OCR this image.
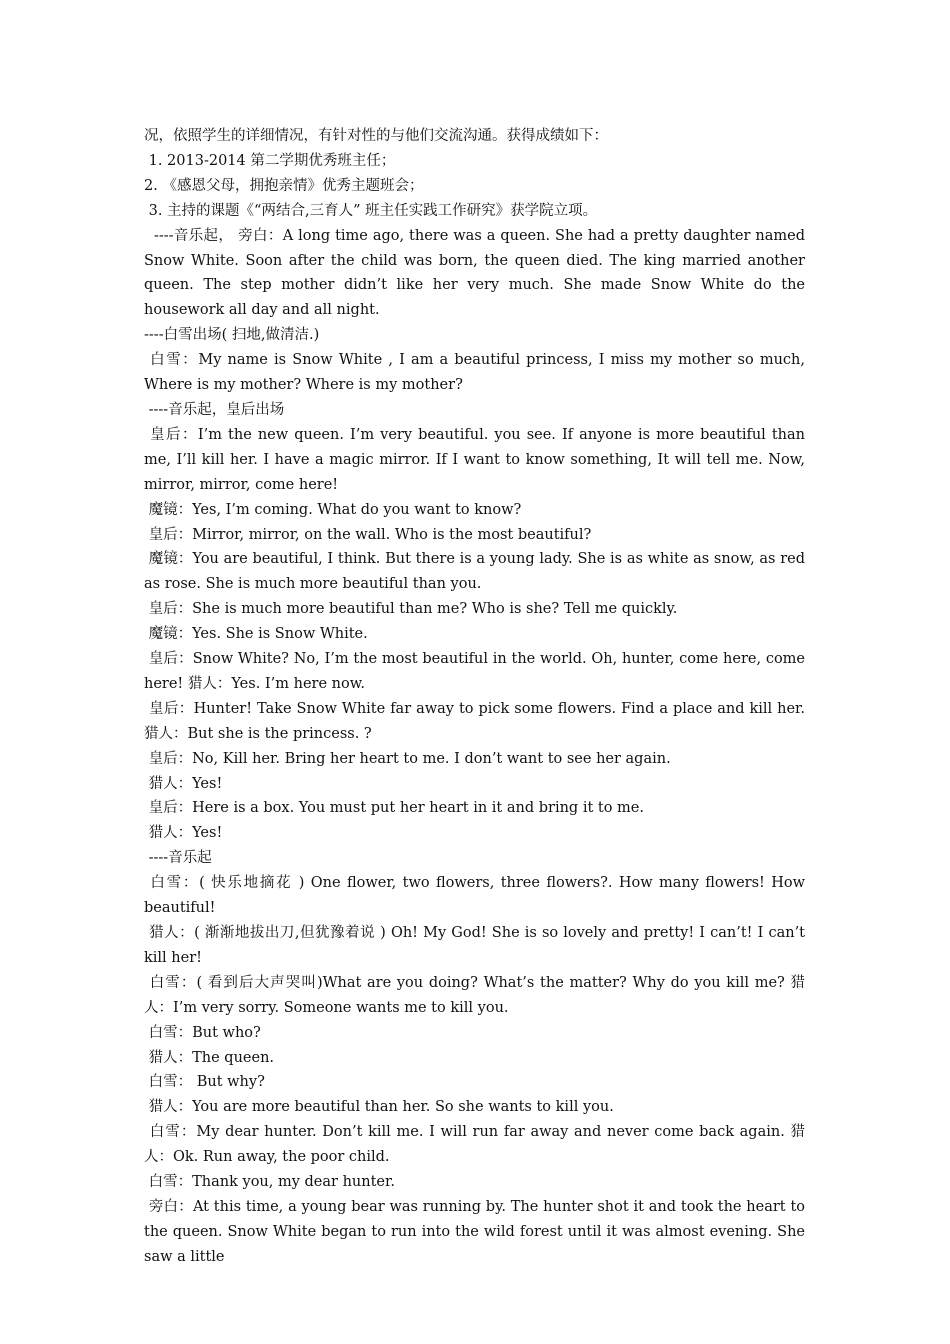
况，依照学生的详细情况，有针对性的与他们交流沟通。获得成绩如下：

1. 2013-2014 第二学期优秀班主任；

2. 《感恩父母，拥抱亲情》优秀主题班会；

3. 主持的课题《“两结合,三育人” 班主任实践工作研究》获学院立项。

----音乐起， 旁白：A long time ago, there was a queen. She had a pretty daughter named Snow White. Soon after the child was born, the queen died. The king married another queen. The step mother didn’t like her very much. She made Snow White do the housework all day and all night.

----白雪出场( 扫地,做清洁.)

白雪：My name is Snow White , I am a beautiful princess, I miss my mother so much, Where is my mother? Where is my mother?

----音乐起，皇后出场

皇后：I’m the new queen. I’m very beautiful. you see. If anyone is more beautiful than me, I’ll kill her. I have a magic mirror. If I want to know something, It will tell me. Now, mirror, mirror, come here!

魔镜：Yes, I’m coming. What do you want to know?

皇后：Mirror, mirror, on the wall. Who is the most beautiful?

魔镜：You are beautiful, I think. But there is a young lady. She is as white as snow, as red as rose. She is much more beautiful than you.

皇后：She is much more beautiful than me? Who is she? Tell me quickly.

魔镜：Yes. She is Snow White.

皇后：Snow White? No, I’m the most beautiful in the world. Oh, hunter, come here, come here! 猎人：Yes. I’m here now.

皇后：Hunter! Take Snow White far away to pick some flowers. Find a place and kill her. 猎人：But she is the princess. ?

皇后：No, Kill her. Bring her heart to me. I don’t want to see her again.

猎人：Yes!

皇后：Here is a box. You must put her heart in it and bring it to me.

猎人：Yes!

----音乐起

白雪：( 快乐地摘花 ) One flower, two flowers, three flowers?. How many flowers! How beautiful!

猎人：( 渐渐地拔出刀,但犹豫着说 ) Oh! My God! She is so lovely and pretty! I can’t! I can’t kill her!

白雪：( 看到后大声哭叫)What are you doing? What’s the matter? Why do you kill me? 猎人：I’m very sorry. Someone wants me to kill you.

白雪：But who?

猎人：The queen.

白雪： But why?

猎人：You are more beautiful than her. So she wants to kill you.

白雪：My dear hunter. Don’t kill me. I will run far away and never come back again. 猎人：Ok. Run away, the poor child.

白雪：Thank you, my dear hunter.

旁白：At this time, a young bear was running by. The hunter shot it and took the heart to the queen. Snow White began to run into the wild forest until it was almost evening. She saw a little
